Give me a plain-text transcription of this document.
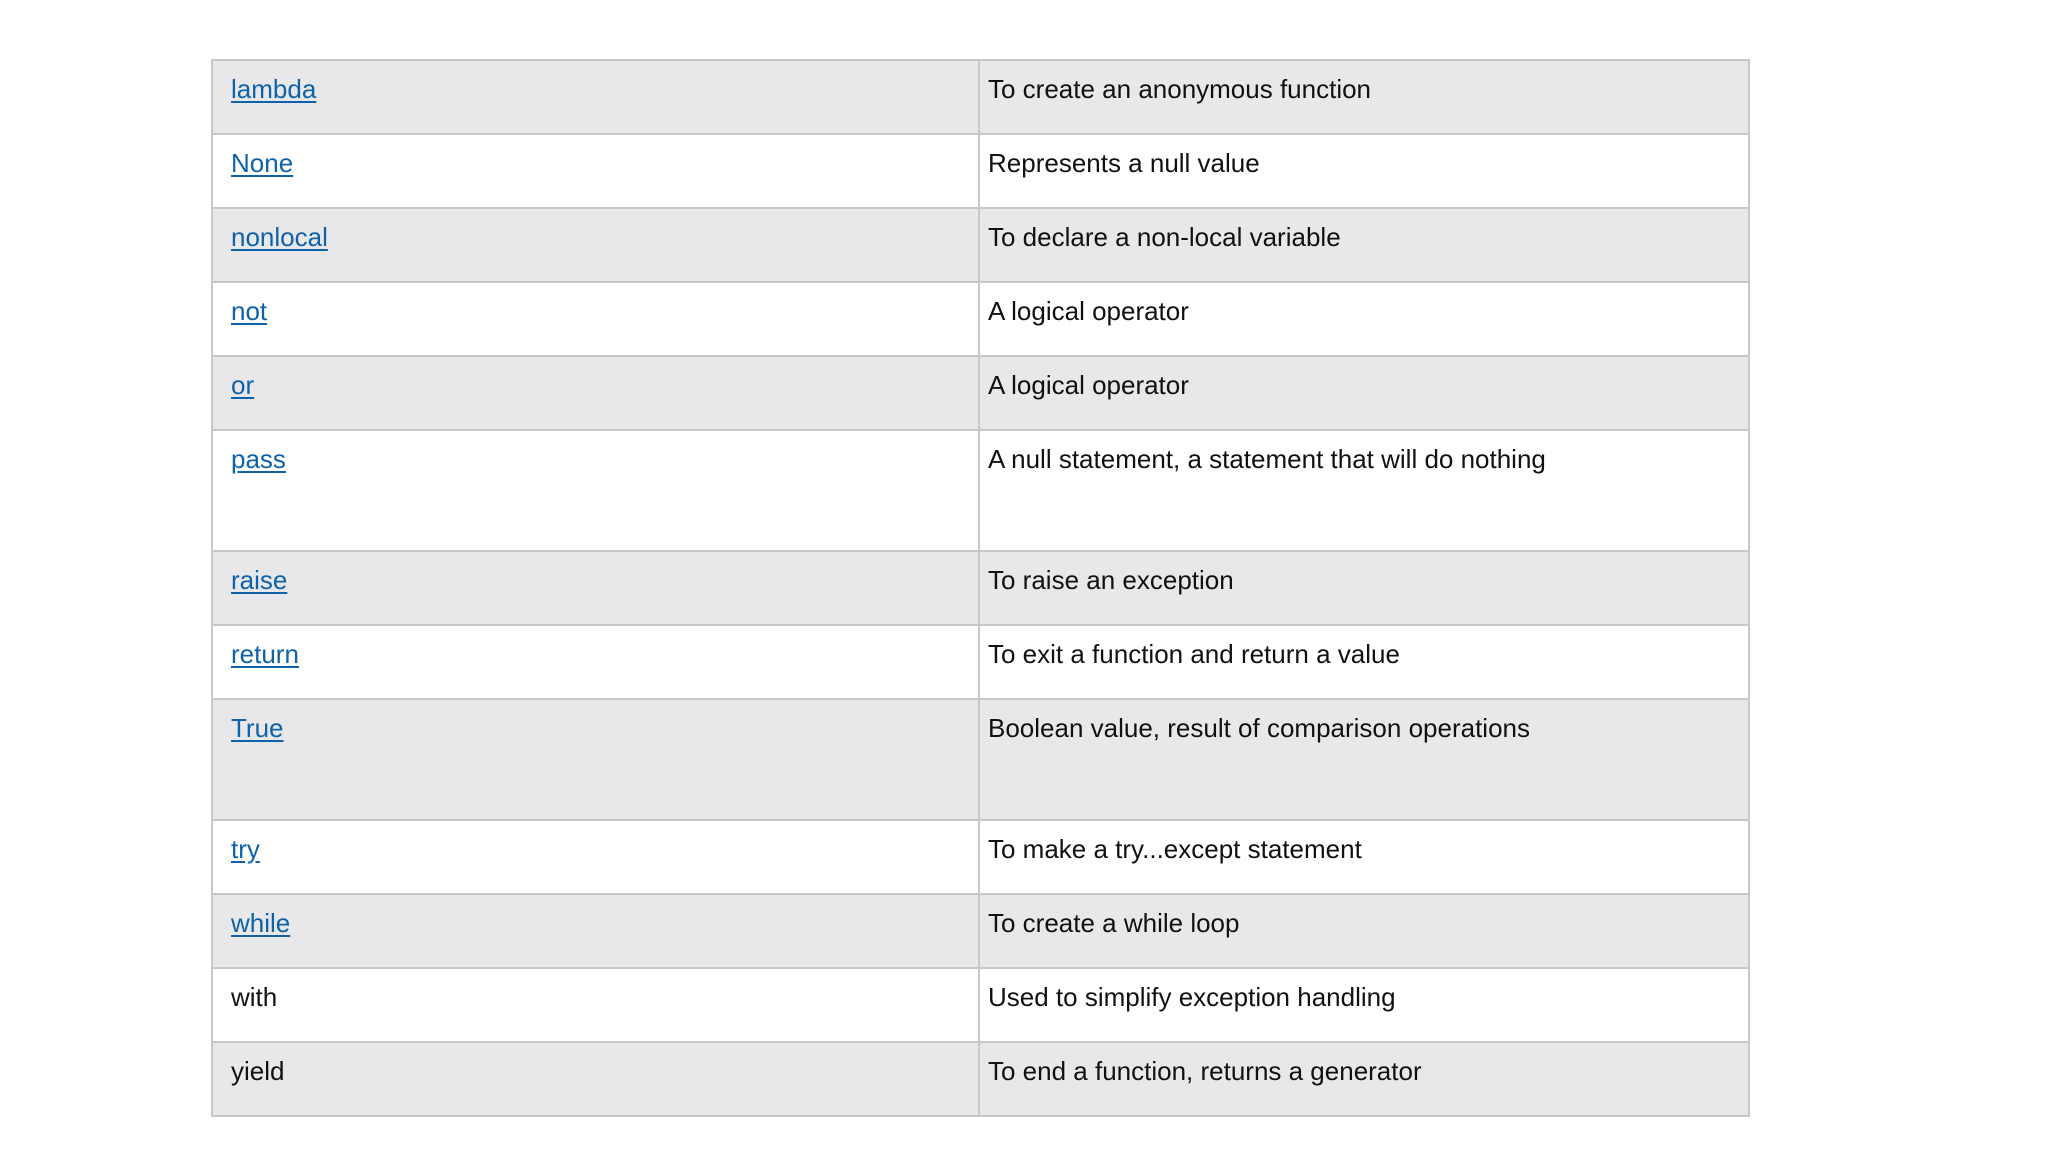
lambda	To create an anonymous function
None	Represents a null value
nonlocal	To declare a non-local variable
not	A logical operator
or	A logical operator
pass	A null statement, a statement that will do nothing
raise	To raise an exception
return	To exit a function and return a value
True	Boolean value, result of comparison operations
try	To make a try...except statement
while	To create a while loop
with	Used to simplify exception handling
yield	To end a function, returns a generator
